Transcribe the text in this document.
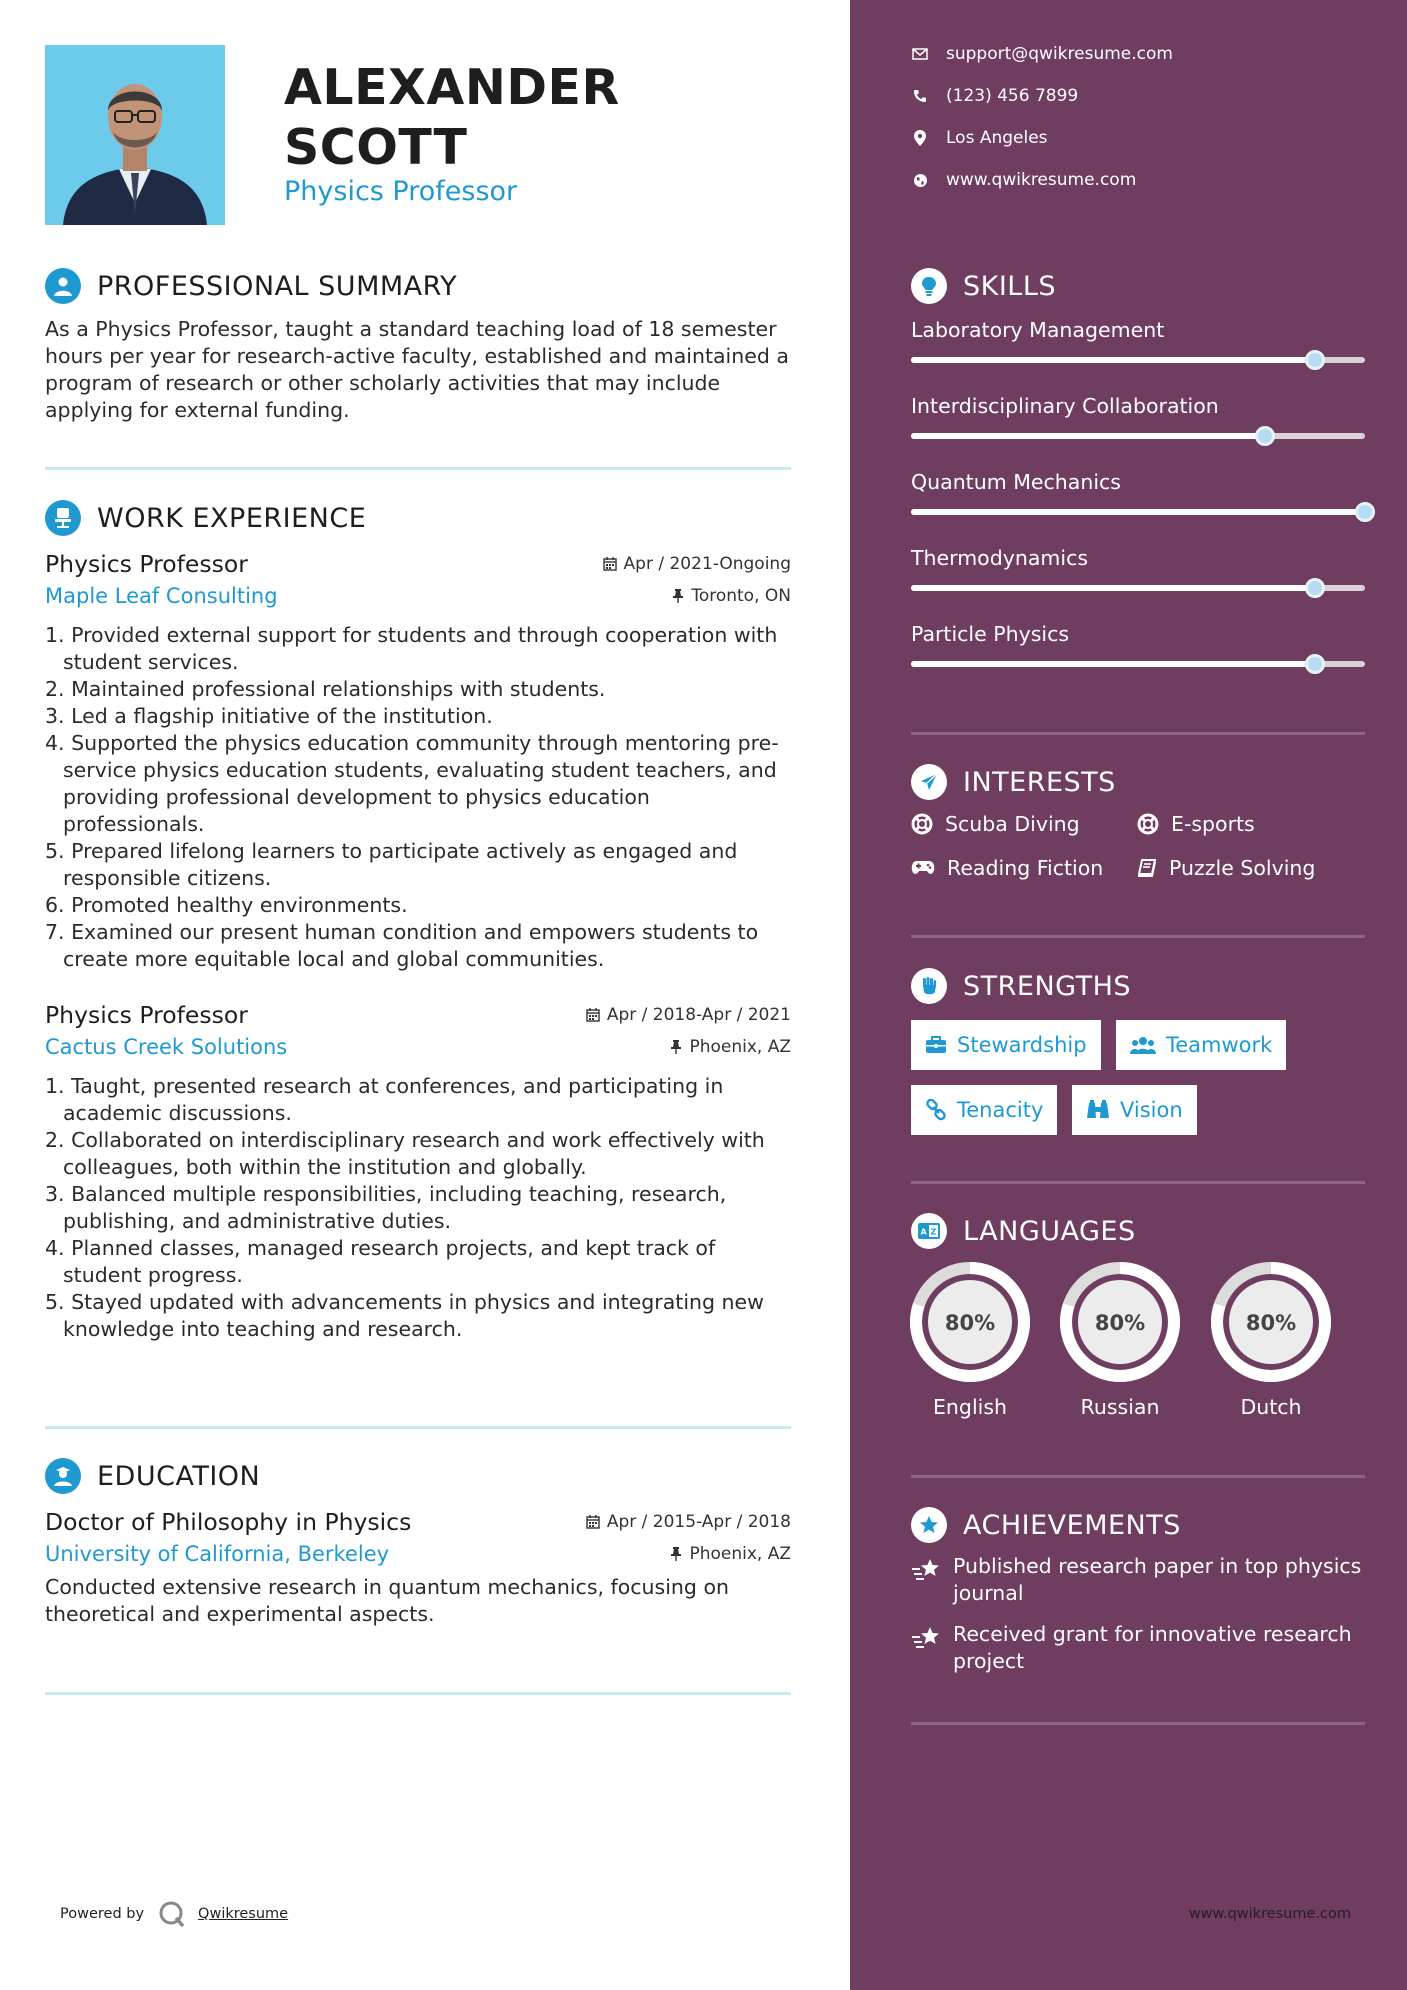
ALEXANDER
SCOTT
Physics Professor
PROFESSIONAL SUMMARY
As a Physics Professor, taught a standard teaching load of 18 semester hours per year for research-active faculty, established and maintained a program of research or other scholarly activities that may include applying for external funding.
WORK EXPERIENCE
Physics Professor	Apr / 2021-Ongoing
Maple Leaf Consulting	Toronto, ON
1. Provided external support for students and through cooperation with student services.
2. Maintained professional relationships with students.
3. Led a flagship initiative of the institution.
4. Supported the physics education community through mentoring pre-service physics education students, evaluating student teachers, and providing professional development to physics education professionals.
5. Prepared lifelong learners to participate actively as engaged and responsible citizens.
6. Promoted healthy environments.
7. Examined our present human condition and empowers students to create more equitable local and global communities.
Physics Professor	Apr / 2018-Apr / 2021
Cactus Creek Solutions	Phoenix, AZ
1. Taught, presented research at conferences, and participating in academic discussions.
2. Collaborated on interdisciplinary research and work effectively with colleagues, both within the institution and globally.
3. Balanced multiple responsibilities, including teaching, research, publishing, and administrative duties.
4. Planned classes, managed research projects, and kept track of student progress.
5. Stayed updated with advancements in physics and integrating new knowledge into teaching and research.
EDUCATION
Doctor of Philosophy in Physics	Apr / 2015-Apr / 2018
University of California, Berkeley	Phoenix, AZ
Conducted extensive research in quantum mechanics, focusing on theoretical and experimental aspects.
Powered by	Qwikresume
support@qwikresume.com
(123) 456 7899
Los Angeles
www.qwikresume.com
SKILLS
Laboratory Management
Interdisciplinary Collaboration
Quantum Mechanics
Thermodynamics
Particle Physics
INTERESTS
Scuba Diving	E-sports
Reading Fiction	Puzzle Solving
STRENGTHS
Stewardship	Teamwork
Tenacity	Vision
A Z LANGUAGES
80%
English
80%
Russian
80%
Dutch
ACHIEVEMENTS
Published research paper in top physics journal
Received grant for innovative research project
www.qwikresume.com
